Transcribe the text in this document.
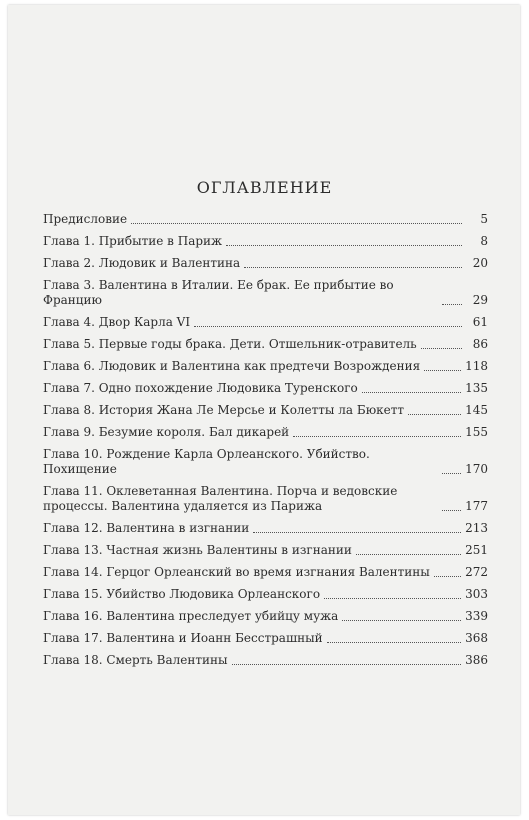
ОГЛАВЛЕНИЕ
Предисловие	5
Глава 1. Прибытие в Париж	8
Глава 2. Людовик и Валентина	20
Глава 3. Валентина в Италии. Ее брак. Ее прибытие во Францию	29
Глава 4. Двор Карла VI	61
Глава 5. Первые годы брака. Дети. Отшельник-отравитель	86
Глава 6. Людовик и Валентина как предтечи Возрождения	118
Глава 7. Одно похождение Людовика Туренского	135
Глава 8. История Жана Ле Мерсье и Колетты ла Бюкетт	145
Глава 9. Безумие короля. Бал дикарей	155
Глава 10. Рождение Карла Орлеанского. Убийство. Похищение	170
Глава 11. Оклеветанная Валентина. Порча и ведовские процессы. Валентина удаляется из Парижа	177
Глава 12. Валентина в изгнании	213
Глава 13. Частная жизнь Валентины в изгнании	251
Глава 14. Герцог Орлеанский во время изгнания Валентины	272
Глава 15. Убийство Людовика Орлеанского	303
Глава 16. Валентина преследует убийцу мужа	339
Глава 17. Валентина и Иоанн Бесстрашный	368
Глава 18. Смерть Валентины	386
